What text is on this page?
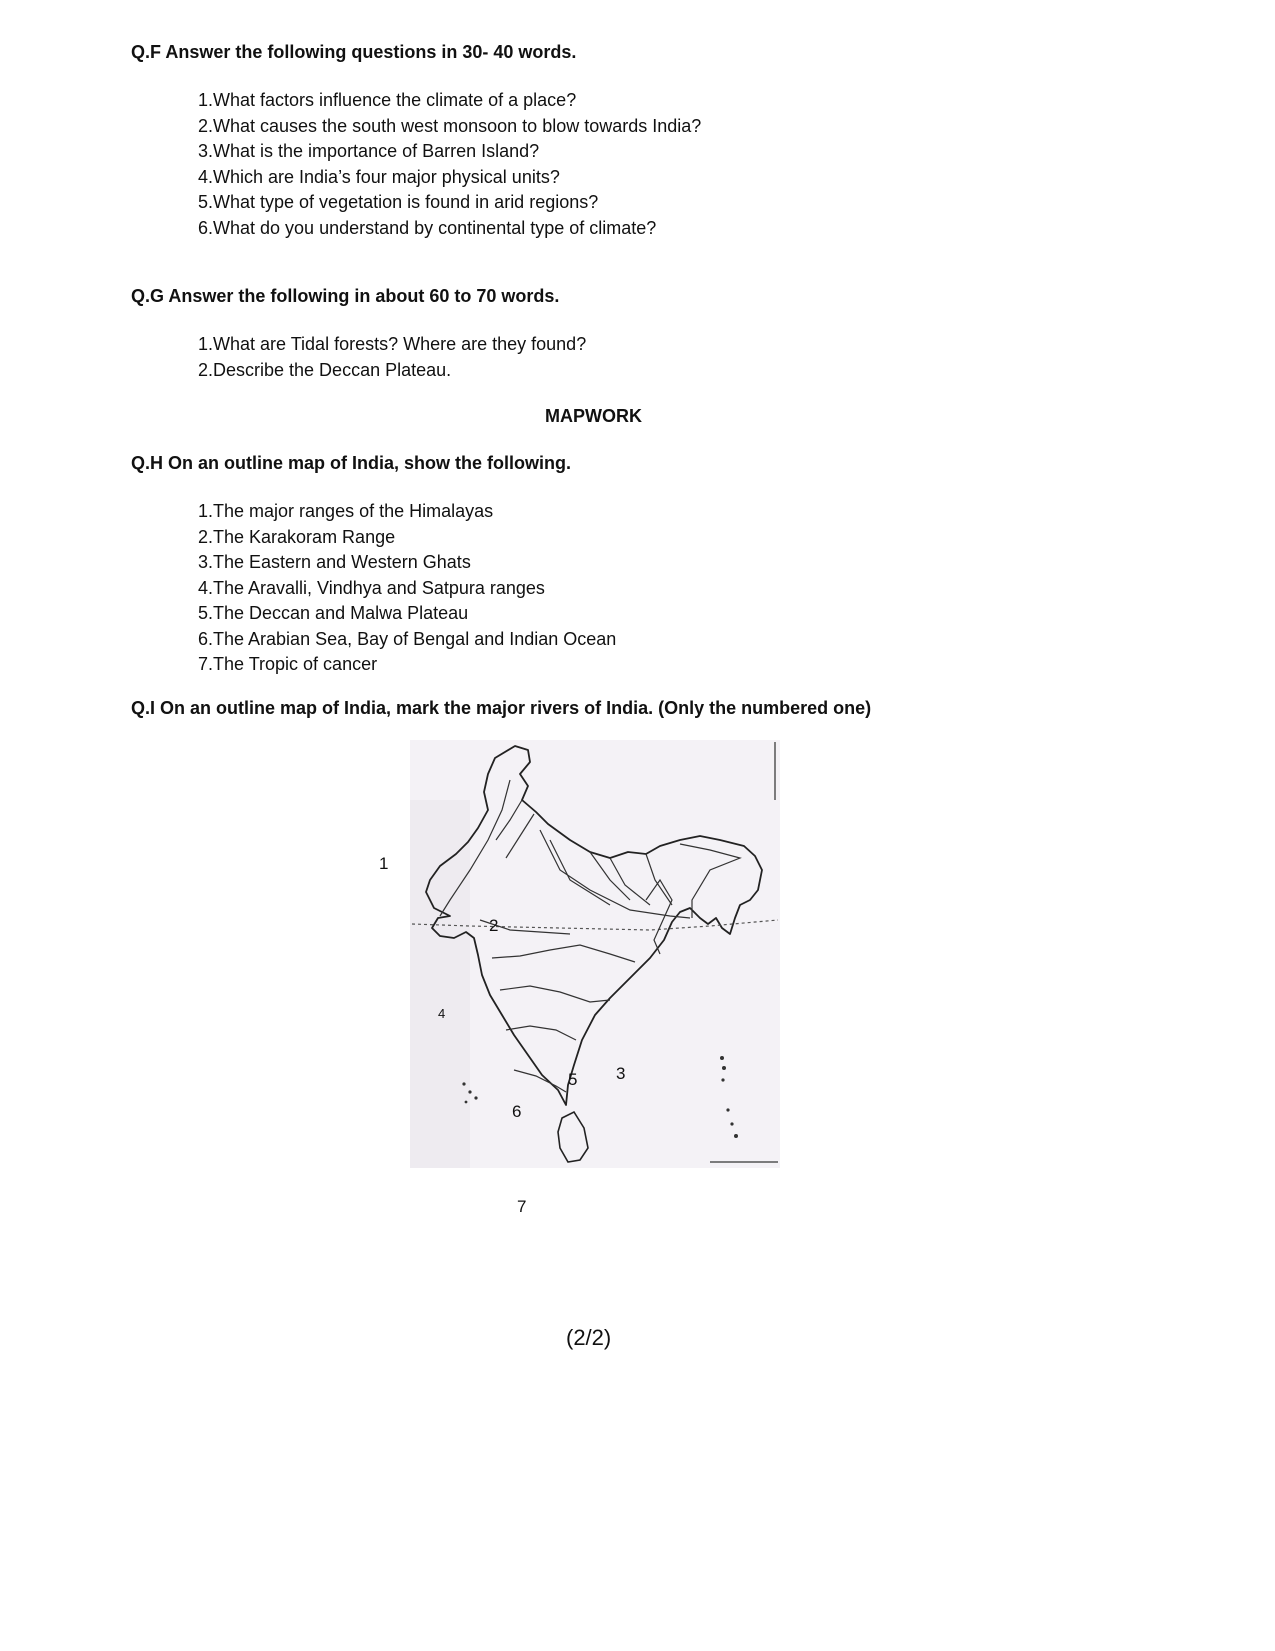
Q.F Answer the following questions in 30- 40 words.
1.What factors influence the climate of a place?
2.What causes the south west monsoon to blow towards India?
3.What is the importance of Barren Island?
4.Which are India’s four major physical units?
5.What type of vegetation is found in arid regions?
6.What do you understand by continental type of climate?
Q.G Answer the following in about 60 to 70 words.
1.What are Tidal forests? Where are they found?
2.Describe the Deccan Plateau.
MAPWORK
Q.H On an outline map of India, show the following.
1.The major ranges of the Himalayas
2.The Karakoram Range
3.The Eastern and Western Ghats
4.The Aravalli, Vindhya and Satpura ranges
5.The Deccan and Malwa Plateau
6.The Arabian Sea, Bay of Bengal and Indian Ocean
7.The Tropic of cancer
Q.I On an outline map of India, mark the major rivers of India. (Only the numbered one)
1
2
3
4
5
6
7
(2/2)
